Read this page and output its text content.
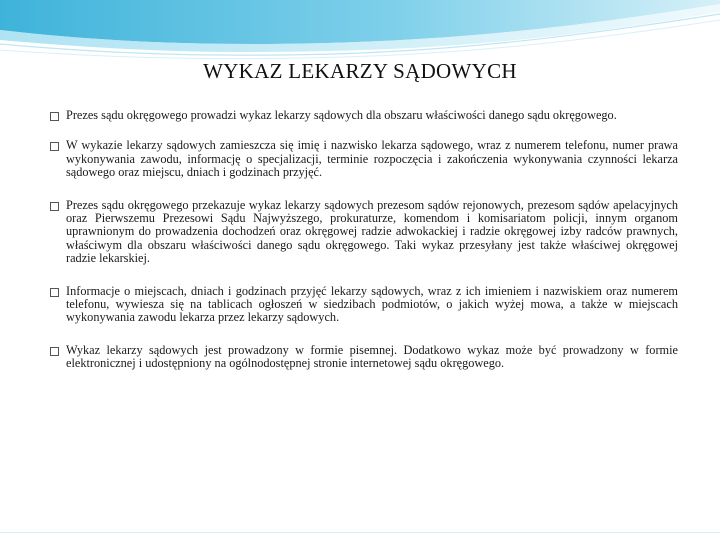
WYKAZ LEKARZY SĄDOWYCH
Prezes sądu okręgowego prowadzi wykaz lekarzy sądowych dla obszaru właściwości danego sądu okręgowego.
W wykazie lekarzy sądowych zamieszcza się imię i nazwisko lekarza sądowego, wraz z numerem telefonu, numer prawa wykonywania zawodu, informację o specjalizacji, terminie rozpoczęcia i zakończenia wykonywania czynności lekarza sądowego oraz miejscu, dniach i godzinach przyjęć.
Prezes sądu okręgowego przekazuje wykaz lekarzy sądowych prezesom sądów rejonowych, prezesom sądów apelacyjnych oraz Pierwszemu Prezesowi Sądu Najwyższego, prokuraturze, komendom i komisariatom policji, innym organom uprawnionym do prowadzenia dochodzeń oraz okręgowej radzie adwokackiej i radzie okręgowej izby radców prawnych, właściwym dla obszaru właściwości danego sądu okręgowego. Taki wykaz przesyłany jest także właściwej okręgowej radzie lekarskiej.
Informacje o miejscach, dniach i godzinach przyjęć lekarzy sądowych, wraz z ich imieniem i nazwiskiem oraz numerem telefonu, wywiesza się na tablicach ogłoszeń w siedzibach podmiotów, o jakich wyżej mowa, a także w miejscach wykonywania zawodu lekarza przez lekarzy sądowych.
Wykaz lekarzy sądowych jest prowadzony w formie pisemnej. Dodatkowo wykaz może być prowadzony w formie elektronicznej i udostępniony na ogólnodostępnej stronie internetowej sądu okręgowego.
